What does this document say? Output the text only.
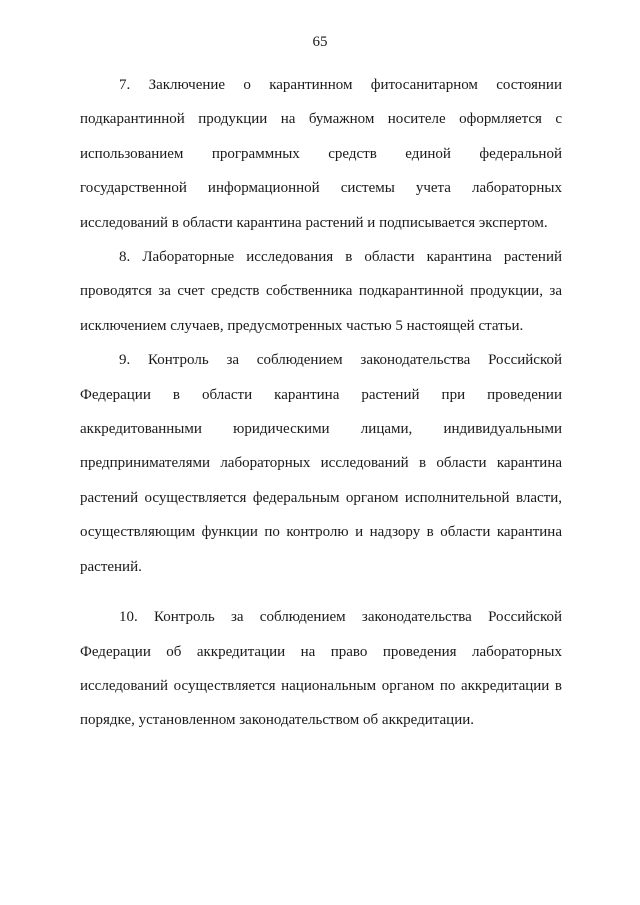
65

7. Заключение о карантинном фитосанитарном состоянии подкарантинной продукции на бумажном носителе оформляется с использованием программных средств единой федеральной государственной информационной системы учета лабораторных исследований в области карантина растений и подписывается экспертом.

8. Лабораторные исследования в области карантина растений проводятся за счет средств собственника подкарантинной продукции, за исключением случаев, предусмотренных частью 5 настоящей статьи.

9. Контроль за соблюдением законодательства Российской Федерации в области карантина растений при проведении аккредитованными юридическими лицами, индивидуальными предпринимателями лабораторных исследований в области карантина растений осуществляется федеральным органом исполнительной власти, осуществляющим функции по контролю и надзору в области карантина растений.

10. Контроль за соблюдением законодательства Российской Федерации об аккредитации на право проведения лабораторных исследований осуществляется национальным органом по аккредитации в порядке, установленном законодательством об аккредитации.
